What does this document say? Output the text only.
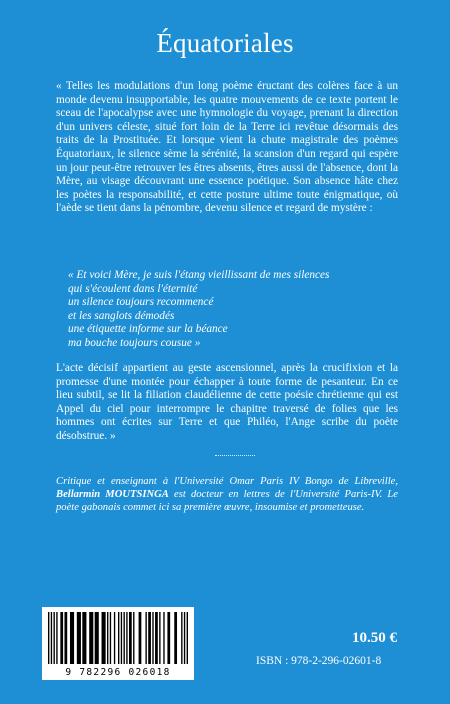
Équatoriales

« Telles les modulations d'un long poème éructant des colères face à un monde devenu insupportable, les quatre mouvements de ce texte portent le sceau de l'apocalypse avec une hymnologie du voyage, prenant la direction d'un univers céleste, situé fort loin de la Terre ici revêtue désormais des traits de la Prostituée. Et lorsque vient la chute magistrale des poèmes Équatoriaux, le silence sème la sérénité, la scansion d'un regard qui espère un jour peut-être retrouver les êtres absents, êtres aussi de l'absence, dont la Mère, au visage découvrant une essence poétique. Son absence hâte chez les poètes la responsabilité, et cette posture ultime toute énigmatique, où l'aède se tient dans la pénombre, devenu silence et regard de mystère :

« Et voici Mère, je suis l'étang vieillissant de mes silences
qui s'écoulent dans l'éternité
un silence toujours recommencé
et les sanglots démodés
une étiquette informe sur la béance
ma bouche toujours cousue »

L'acte décisif appartient au geste ascensionnel, après la crucifixion et la promesse d'une montée pour échapper à toute forme de pesanteur. En ce lieu subtil, se lit la filiation claudélienne de cette poésie chrétienne qui est Appel du ciel pour interrompre le chapitre traversé de folies que les hommes ont écrites sur Terre et que Philéo, l'Ange scribe du poète désobstrue. »

Critique et enseignant à l'Université Omar Paris IV Bongo de Libreville, Bellarmin MOUTSINGA est docteur en lettres de l'Université Paris-IV. Le poète gabonais commet ici sa première œuvre, insoumise et prometteuse.

9 782296 026018
10.50 €
ISBN : 978-2-296-02601-8
